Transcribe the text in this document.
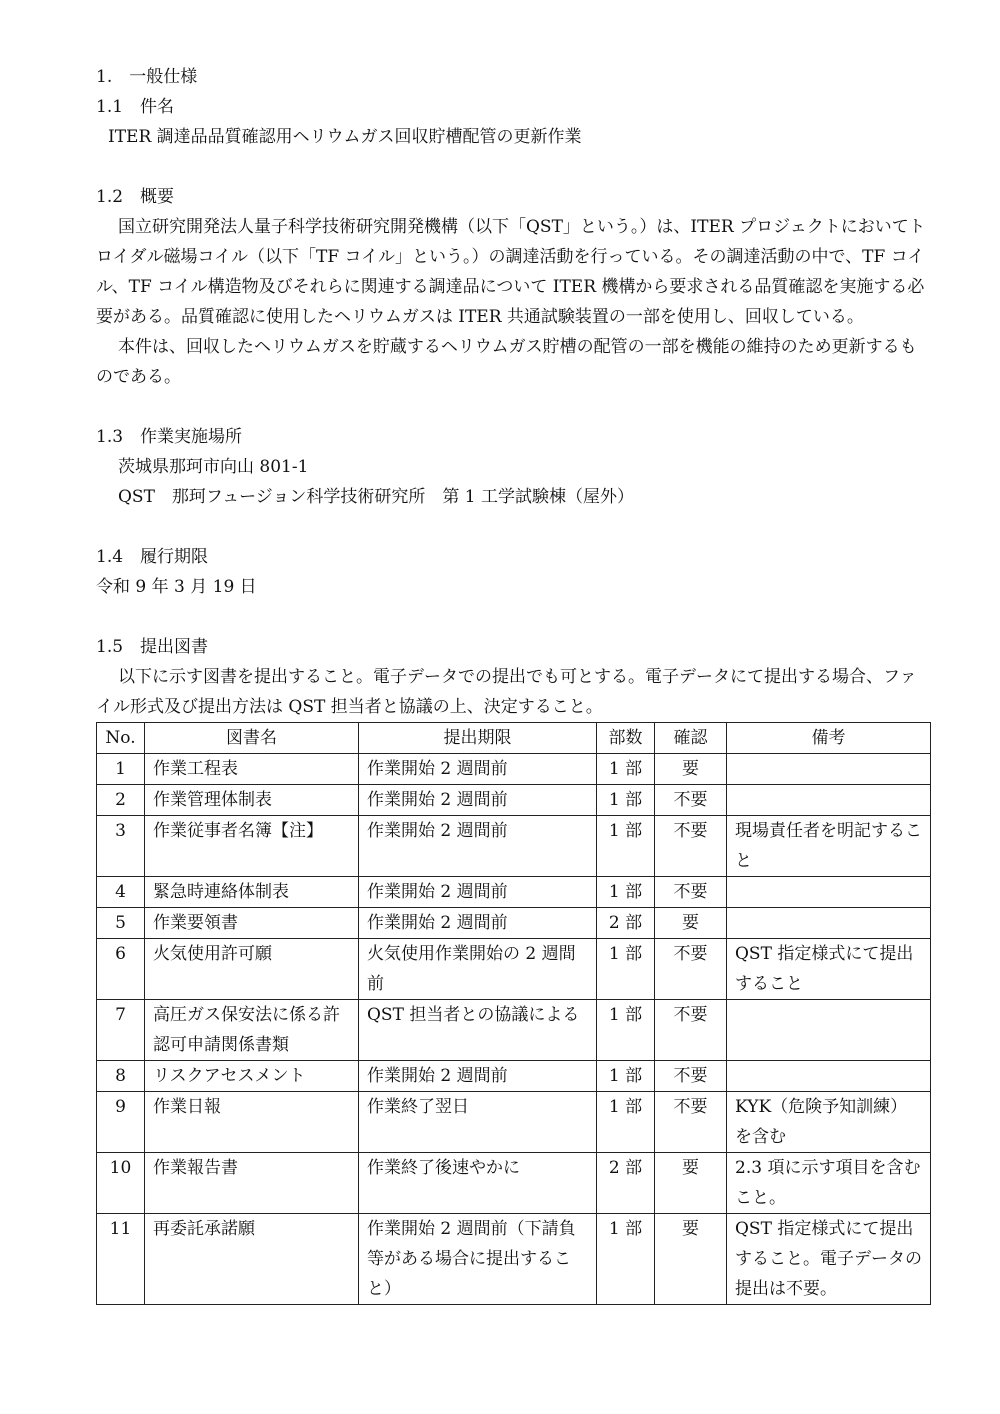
1.　一般仕様
1.1　件名
ITER 調達品品質確認用ヘリウムガス回収貯槽配管の更新作業
1.2　概要
国立研究開発法人量子科学技術研究開発機構（以下「QST」という。）は、ITER プロジェクトにおいてトロイダル磁場コイル（以下「TF コイル」という。）の調達活動を行っている。その調達活動の中で、TF コイル、TF コイル構造物及びそれらに関連する調達品について ITER 機構から要求される品質確認を実施する必要がある。品質確認に使用したヘリウムガスは ITER 共通試験装置の一部を使用し、回収している。
本件は、回収したヘリウムガスを貯蔵するヘリウムガス貯槽の配管の一部を機能の維持のため更新するものである。
1.3　作業実施場所
茨城県那珂市向山 801-1
QST　那珂フュージョン科学技術研究所　第 1 工学試験棟（屋外）
1.4　履行期限
令和 9 年 3 月 19 日
1.5　提出図書
以下に示す図書を提出すること。電子データでの提出でも可とする。電子データにて提出する場合、ファイル形式及び提出方法は QST 担当者と協議の上、決定すること。
No.	図書名	提出期限	部数	確認	備考
1	作業工程表	作業開始 2 週間前	1 部	要	
2	作業管理体制表	作業開始 2 週間前	1 部	不要	
3	作業従事者名簿【注】	作業開始 2 週間前	1 部	不要	現場責任者を明記すること
4	緊急時連絡体制表	作業開始 2 週間前	1 部	不要	
5	作業要領書	作業開始 2 週間前	2 部	要	
6	火気使用許可願	火気使用作業開始の 2 週間前	1 部	不要	QST 指定様式にて提出すること
7	高圧ガス保安法に係る許認可申請関係書類	QST 担当者との協議による	1 部	不要	
8	リスクアセスメント	作業開始 2 週間前	1 部	不要	
9	作業日報	作業終了翌日	1 部	不要	KYK（危険予知訓練）を含む
10	作業報告書	作業終了後速やかに	2 部	要	2.3 項に示す項目を含むこと。
11	再委託承諾願	作業開始 2 週間前（下請負等がある場合に提出すること）	1 部	要	QST 指定様式にて提出すること。電子データの提出は不要。
